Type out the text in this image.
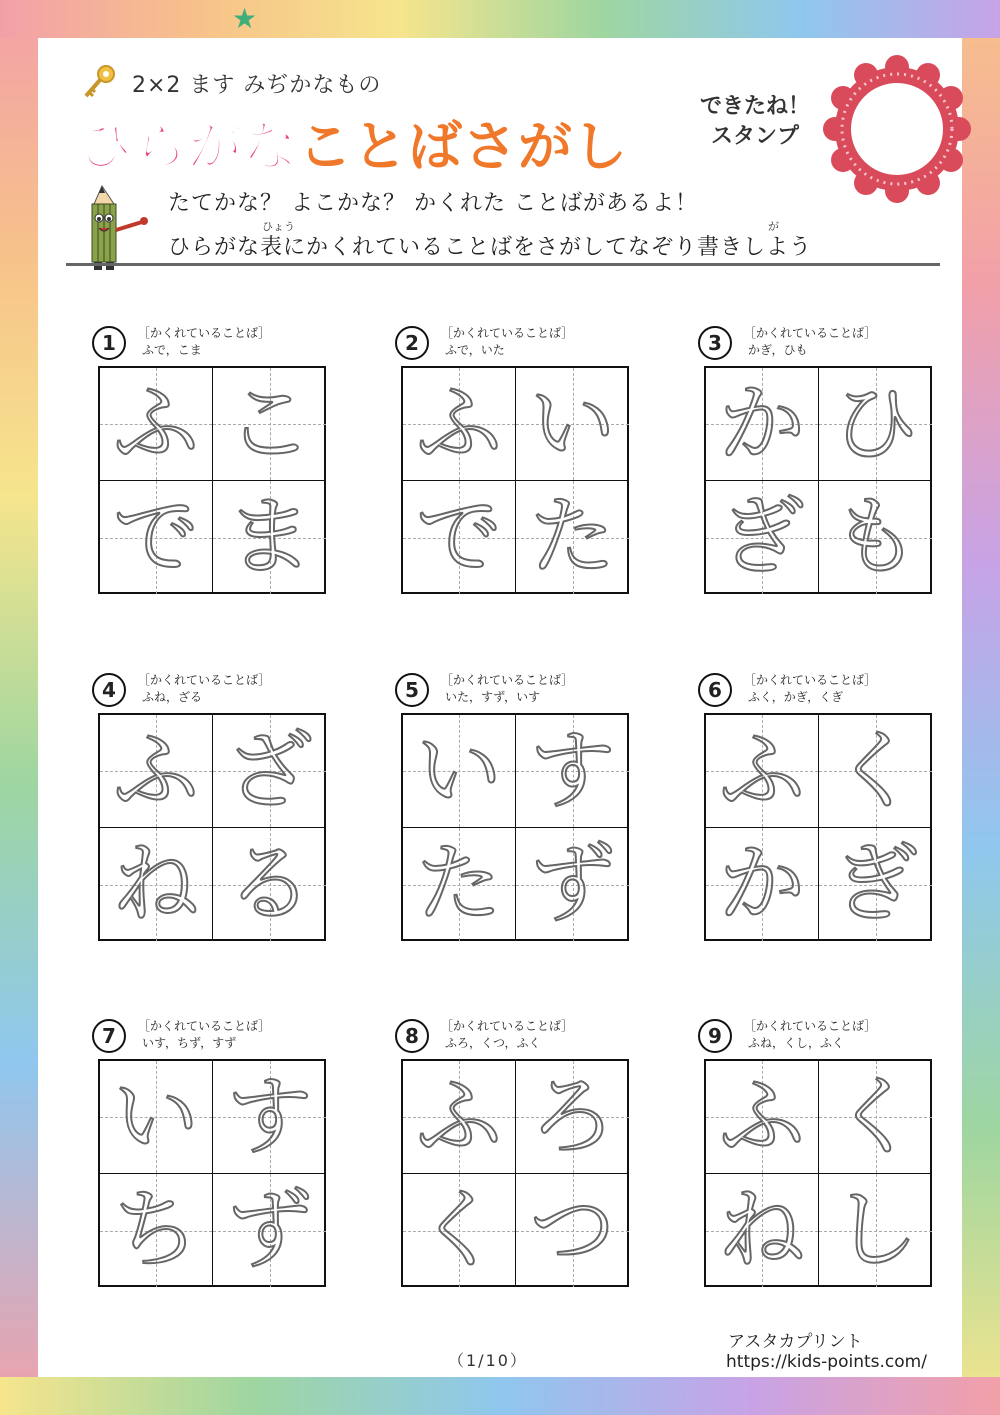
★
2×2 ます みぢかなもの
ひらがなことばさがし
できたね！
スタンプ
たてかな？ よこかな？ かくれた ことばがあるよ！
ひょう	が
ひらがな表にかくれていることばをさがしてなぞり書きしよう
1	［かくれていることば］
ふで，こま
ふ こ
で ま
2	［かくれていることば］
ふで，いた
ふ い
で た
3	［かくれていることば］
かぎ，ひも
か ひ
ぎ も
4	［かくれていることば］
ふね，ざる
ふ ざ
ね る
5	［かくれていることば］
いた，すず，いす
い す
た ず
6	［かくれていることば］
ふく，かぎ，くぎ
ふ く
か ぎ
7	［かくれていることば］
いす，ちず，すず
い す
ち ず
8	［かくれていることば］
ふろ，くつ，ふく
ふ ろ
く つ
9	［かくれていることば］
ふね，くし，ふく
ふ く
ね し
（1/10）
アスタカプリント
https://kids-points.com/
